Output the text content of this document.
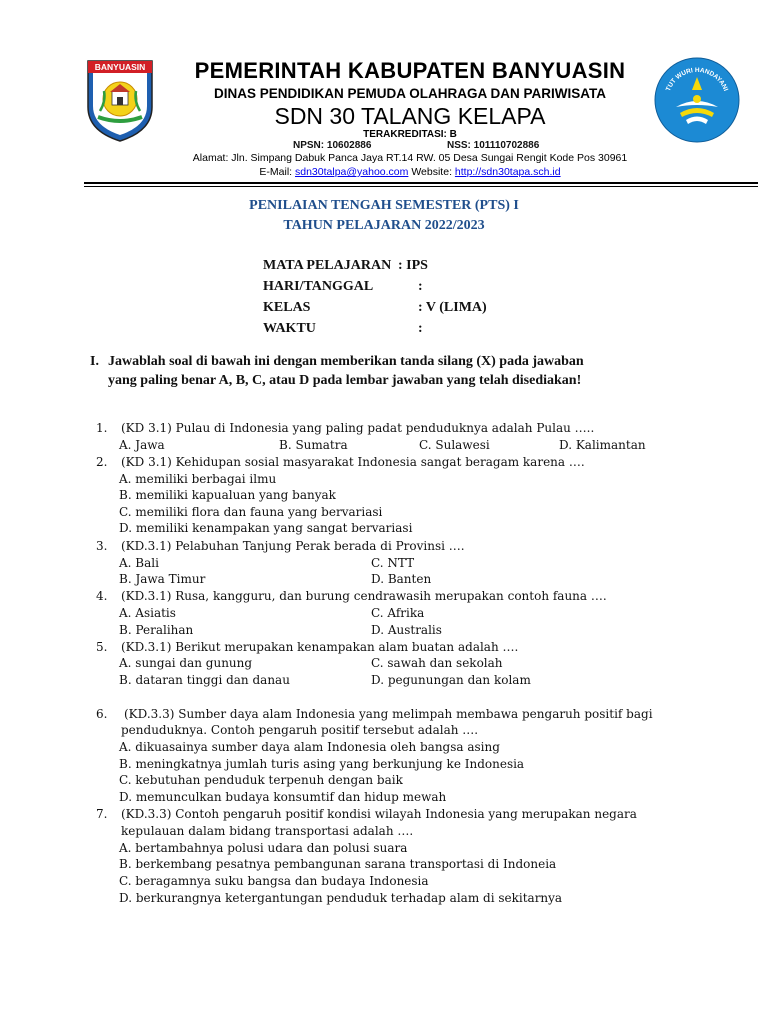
BANYUASIN
TUT WURI HANDAYANI
PEMERINTAH KABUPATEN BANYUASIN
DINAS PENDIDIKAN PEMUDA OLAHRAGA DAN PARIWISATA
SDN 30 TALANG KELAPA
TERAKREDITASI: B
NPSN: 10602886	NSS: 101110702886
Alamat: Jln. Simpang Dabuk Panca Jaya RT.14 RW. 05 Desa Sungai Rengit Kode Pos 30961
E-Mail: sdn30talpa@yahoo.com Website: http://sdn30tapa.sch.id
PENILAIAN TENGAH SEMESTER (PTS) I
TAHUN PELAJARAN 2022/2023
MATA PELAJARAN : IPS
HARI/TANGGAL	:
KELAS	: V (LIMA)
WAKTU	:
I. Jawablah soal di bawah ini dengan memberikan tanda silang (X) pada jawaban
yang paling benar A, B, C, atau D pada lembar jawaban yang telah disediakan!
1. (KD 3.1) Pulau di Indonesia yang paling padat penduduknya adalah Pulau …..
A. Jawa	B. Sumatra	C. Sulawesi	D. Kalimantan
2. (KD 3.1) Kehidupan sosial masyarakat Indonesia sangat beragam karena ….
A. memiliki berbagai ilmu
B. memiliki kapualuan yang banyak
C. memiliki flora dan fauna yang bervariasi
D. memiliki kenampakan yang sangat bervariasi
3. (KD.3.1) Pelabuhan Tanjung Perak berada di Provinsi ….
A. Bali	C. NTT
B. Jawa Timur	D. Banten
4. (KD.3.1) Rusa, kangguru, dan burung cendrawasih merupakan contoh fauna ….
A. Asiatis	C. Afrika
B. Peralihan	D. Australis
5. (KD.3.1) Berikut merupakan kenampakan alam buatan adalah ….
A. sungai dan gunung	C. sawah dan sekolah
B. dataran tinggi dan danau	D. pegunungan dan kolam
6. (KD.3.3) Sumber daya alam Indonesia yang melimpah membawa pengaruh positif bagi
penduduknya. Contoh pengaruh positif tersebut adalah ….
A. dikuasainya sumber daya alam Indonesia oleh bangsa asing
B. meningkatnya jumlah turis asing yang berkunjung ke Indonesia
C. kebutuhan penduduk terpenuh dengan baik
D. memunculkan budaya konsumtif dan hidup mewah
7. (KD.3.3) Contoh pengaruh positif kondisi wilayah Indonesia yang merupakan negara
kepulauan dalam bidang transportasi adalah ….
A. bertambahnya polusi udara dan polusi suara
B. berkembang pesatnya pembangunan sarana transportasi di Indoneia
C. beragamnya suku bangsa dan budaya Indonesia
D. berkurangnya ketergantungan penduduk terhadap alam di sekitarnya
